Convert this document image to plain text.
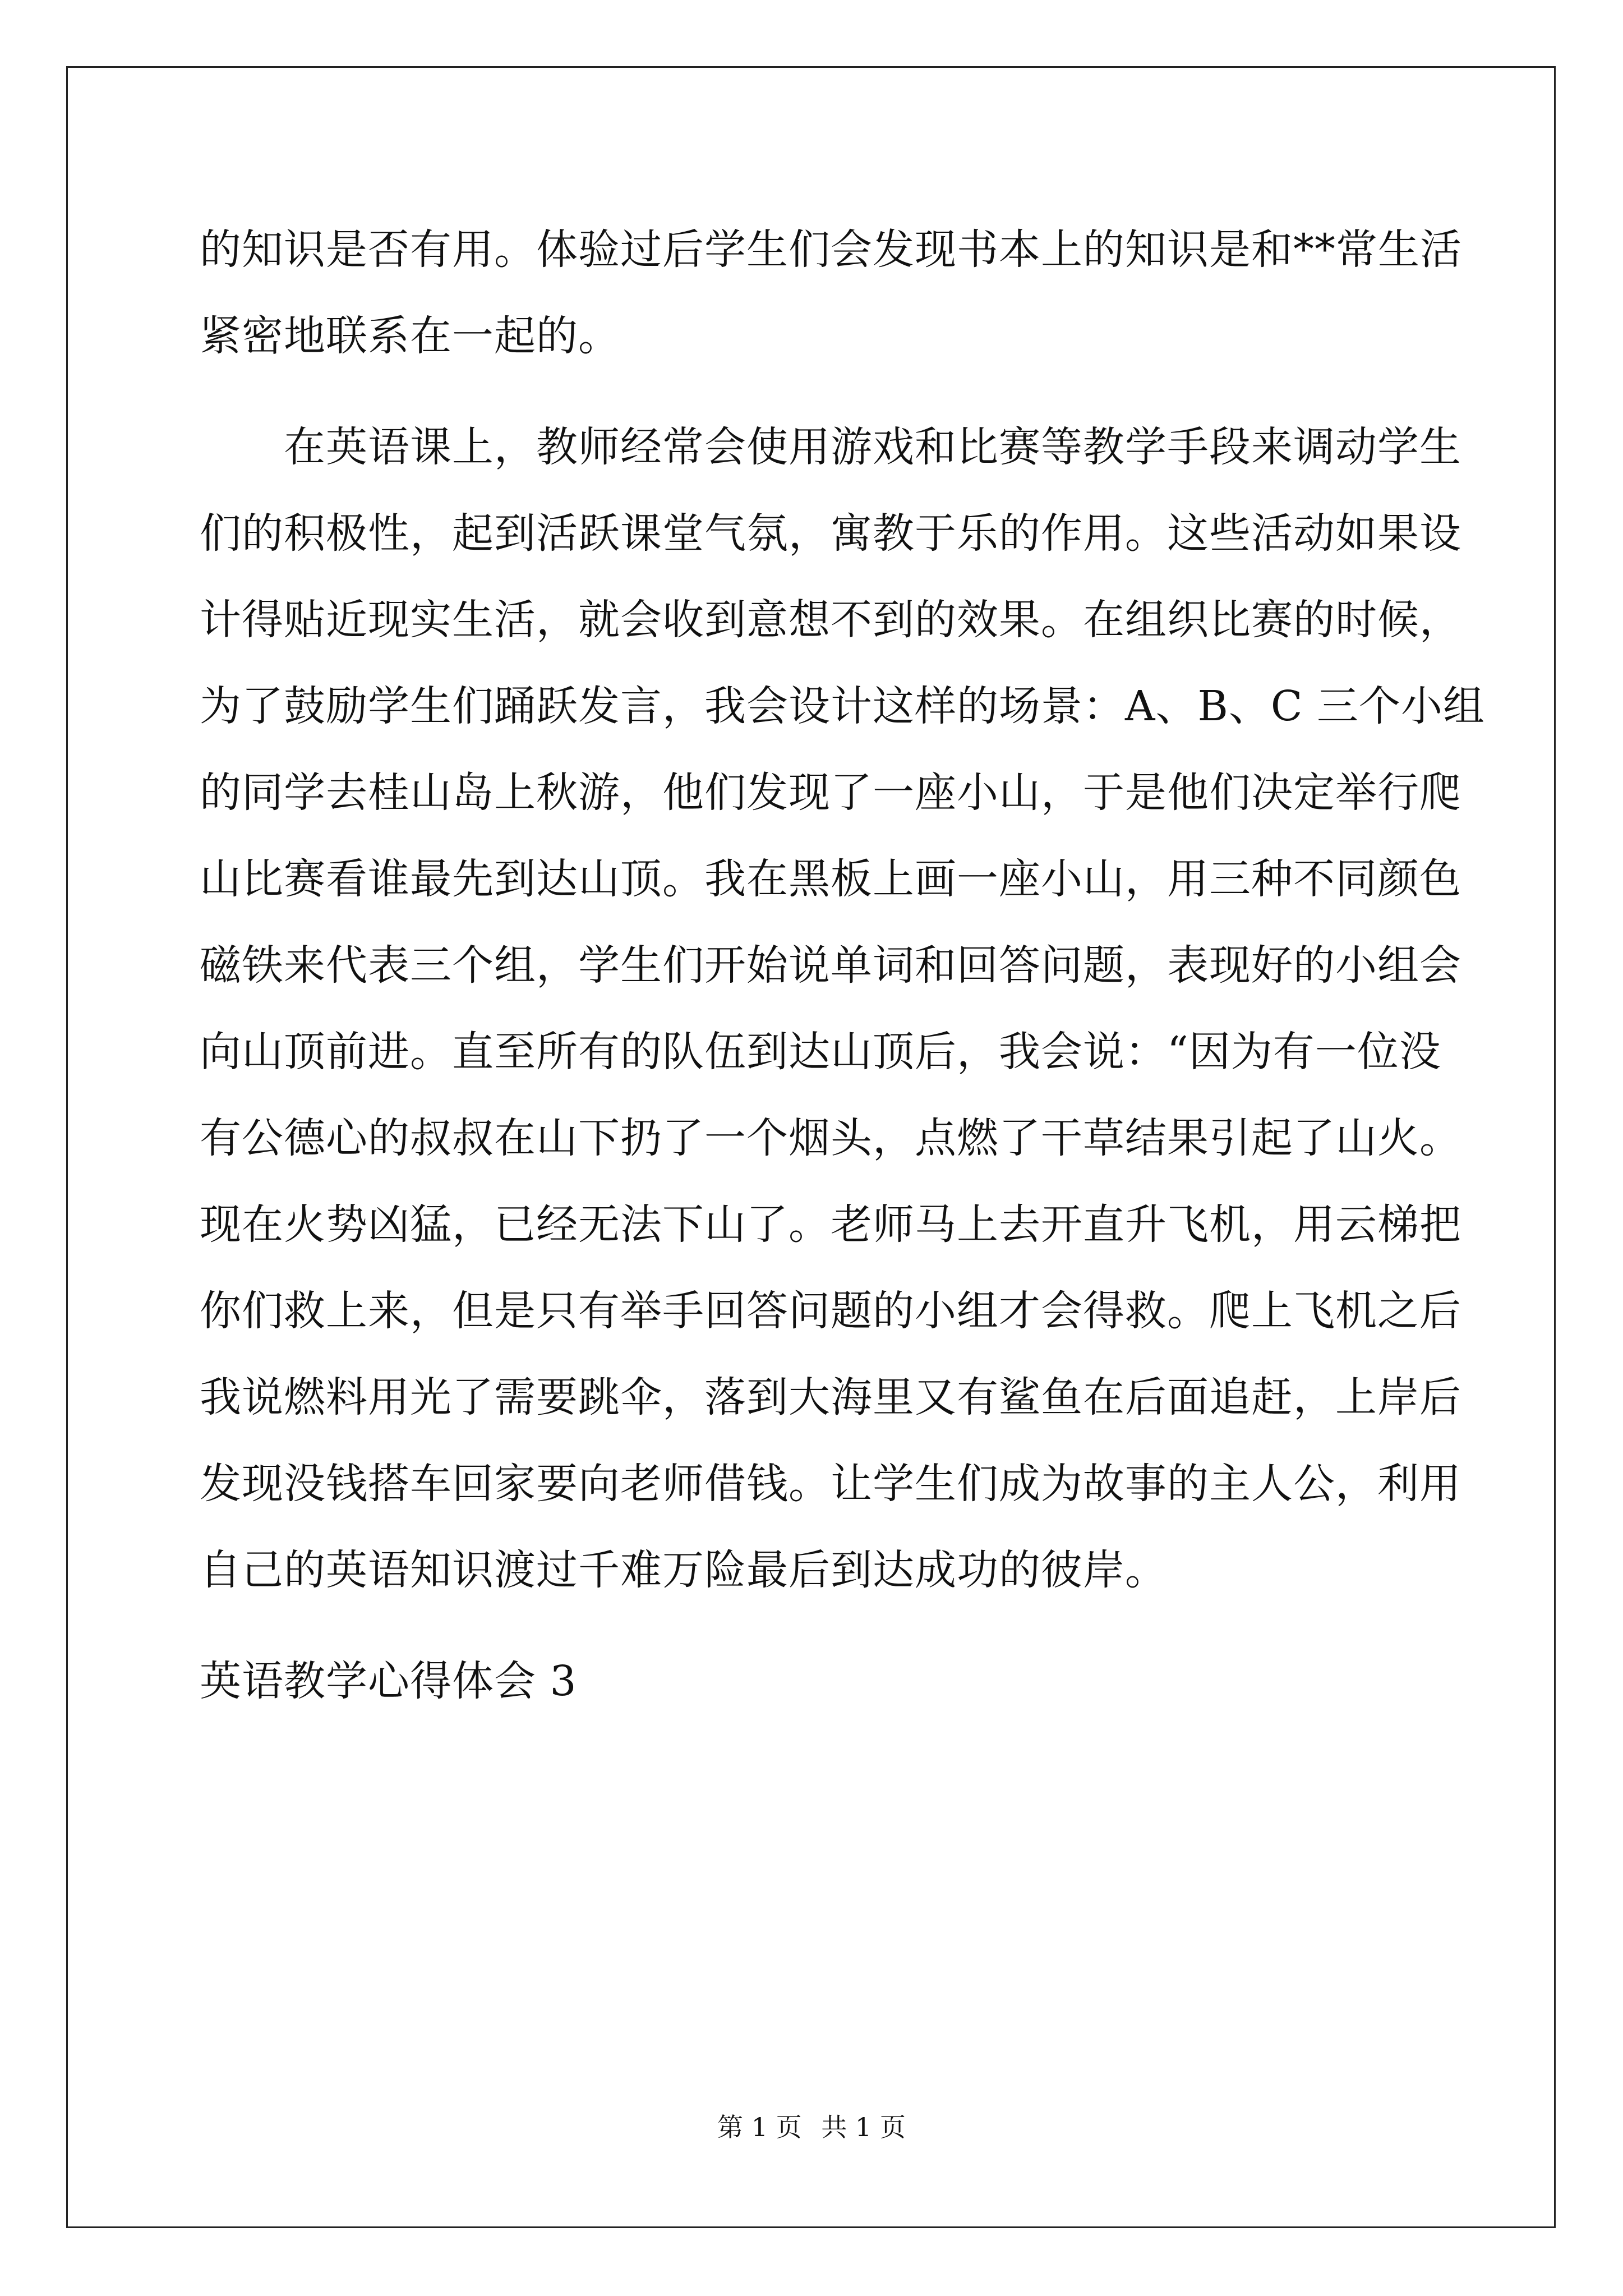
的知识是否有用。体验过后学生们会发现书本上的知识是和**常生活
紧密地联系在一起的。
在英语课上，教师经常会使用游戏和比赛等教学手段来调动学生
们的积极性，起到活跃课堂气氛，寓教于乐的作用。这些活动如果设
计得贴近现实生活，就会收到意想不到的效果。在组织比赛的时候，
为了鼓励学生们踊跃发言，我会设计这样的场景：A、B、C 三个小组
的同学去桂山岛上秋游，他们发现了一座小山，于是他们决定举行爬
山比赛看谁最先到达山顶。我在黑板上画一座小山，用三种不同颜色
磁铁来代表三个组，学生们开始说单词和回答问题，表现好的小组会
向山顶前进。直至所有的队伍到达山顶后，我会说：“因为有一位没
有公德心的叔叔在山下扔了一个烟头，点燃了干草结果引起了山火。
现在火势凶猛，已经无法下山了。老师马上去开直升飞机，用云梯把
你们救上来，但是只有举手回答问题的小组才会得救。爬上飞机之后
我说燃料用光了需要跳伞，落到大海里又有鲨鱼在后面追赶，上岸后
发现没钱搭车回家要向老师借钱。让学生们成为故事的主人公，利用
自己的英语知识渡过千难万险最后到达成功的彼岸。
英语教学心得体会 3
第 1 页 共 1 页
